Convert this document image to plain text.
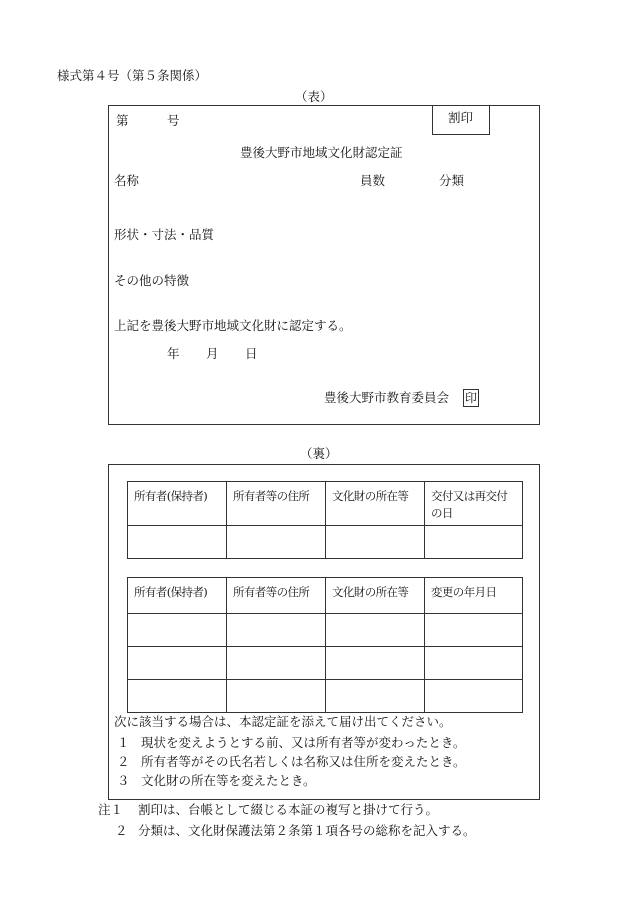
様式第４号（第５条関係）
（表）
第	号	割印
豊後大野市地域文化財認定証
名称	員数	分類
形状・寸法・品質
その他の特徴
上記を豊後大野市地域文化財に認定する。
年 月 日
豊後大野市教育委員会 印
（裏）
所有者(保持者)	所有者等の住所	文化財の所在等	交付又は再交付の日

所有者(保持者)	所有者等の住所	文化財の所在等	変更の年月日

次に該当する場合は、本認定証を添えて届け出てください。
１ 現状を変えようとする前、又は所有者等が変わったとき。
２ 所有者等がその氏名若しくは名称又は住所を変えたとき。
３ 文化財の所在等を変えたとき。
注１ 割印は、台帳として綴じる本証の複写と掛けて行う。
２ 分類は、文化財保護法第２条第１項各号の総称を記入する。
